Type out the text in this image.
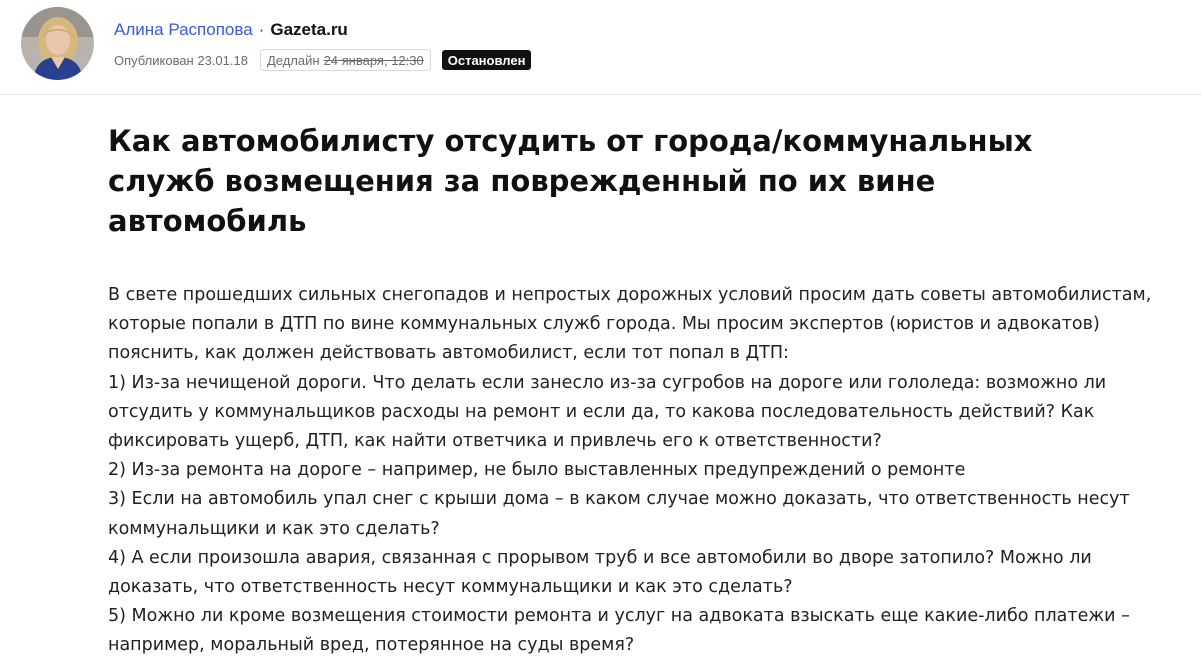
Алина Распопова · Gazeta.ru
Опубликован 23.01.18 Дедлайн 24 января, 12:30	Остановлен
Как автомобилисту отсудить от города/коммунальных
служб возмещения за поврежденный по их вине
автомобиль
В свете прошедших сильных снегопадов и непростых дорожных условий просим дать советы автомобилистам,
которые попали в ДТП по вине коммунальных служб города. Мы просим экспертов (юристов и адвокатов)
пояснить, как должен действовать автомобилист, если тот попал в ДТП:
1) Из-за нечищеной дороги. Что делать если занесло из-за сугробов на дороге или гололеда: возможно ли
отсудить у коммунальщиков расходы на ремонт и если да, то какова последовательность действий? Как
фиксировать ущерб, ДТП, как найти ответчика и привлечь его к ответственности?
2) Из-за ремонта на дороге – например, не было выставленных предупреждений о ремонте
3) Если на автомобиль упал снег с крыши дома – в каком случае можно доказать, что ответственность несут
коммунальщики и как это сделать?
4) А если произошла авария, связанная с прорывом труб и все автомобили во дворе затопило? Можно ли
доказать, что ответственность несут коммунальщики и как это сделать?
5) Можно ли кроме возмещения стоимости ремонта и услуг на адвоката взыскать еще какие-либо платежи –
например, моральный вред, потерянное на суды время?
